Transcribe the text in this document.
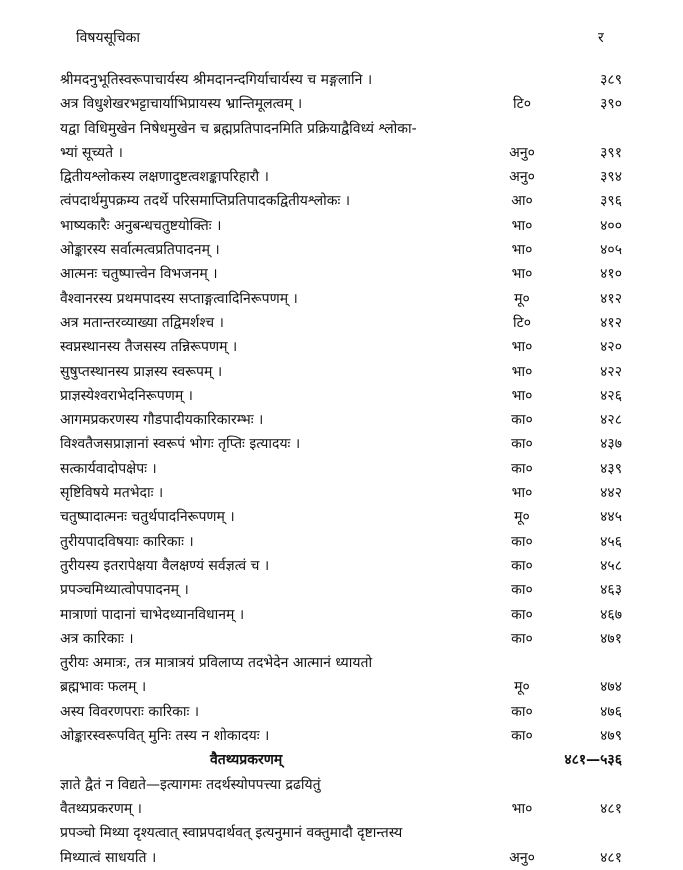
विषयसूचिका	र
श्रीमदनुभूतिस्वरूपाचार्यस्य श्रीमदानन्दगिर्याचार्यस्य च मङ्गलानि ।	३८९
अत्र विधुशेखरभट्टाचार्याभिप्रायस्य भ्रान्तिमूलत्वम् ।	टि०	३९०
यद्वा विधिमुखेन निषेधमुखेन च ब्रह्मप्रतिपादनमिति प्रक्रियाद्वैविध्यं श्लोका-
भ्यां सूच्यते ।	अनु०	३९१
द्वितीयश्लोकस्य लक्षणादुष्टत्वशङ्कापरिहारौ ।	अनु०	३९४
त्वंपदार्थमुपक्रम्य तदर्थे परिसमाप्तिप्रतिपादकद्वितीयश्लोकः ।	आ०	३९६
भाष्यकारैः अनुबन्धचतुष्टयोक्तिः ।	भा०	४००
ओङ्कारस्य सर्वात्मत्वप्रतिपादनम् ।	भा०	४०५
आत्मनः चतुष्पात्त्वेन विभजनम् ।	भा०	४१०
वैश्वानरस्य प्रथमपादस्य सप्ताङ्गत्वादिनिरूपणम् ।	मू०	४१२
अत्र मतान्तरव्याख्या तद्विमर्शश्च ।	टि०	४१२
स्वप्नस्थानस्य तैजसस्य तन्निरूपणम् ।	भा०	४२०
सुषुप्तस्थानस्य प्राज्ञस्य स्वरूपम् ।	भा०	४२२
प्राज्ञस्येश्वराभेदनिरूपणम् ।	भा०	४२६
आगमप्रकरणस्य गौडपादीयकारिकारम्भः ।	का०	४२८
विश्वतैजसप्राज्ञानां स्वरूपं भोगः तृप्तिः इत्यादयः ।	का०	४३७
सत्कार्यवादोपक्षेपः ।	का०	४३९
सृष्टिविषये मतभेदाः ।	भा०	४४२
चतुष्पादात्मनः चतुर्थपादनिरूपणम् ।	मू०	४४५
तुरीयपादविषयाः कारिकाः ।	का०	४५६
तुरीयस्य इतरापेक्षया वैलक्षण्यं सर्वज्ञत्वं च ।	का०	४५८
प्रपञ्चमिथ्यात्वोपपादनम् ।	का०	४६३
मात्राणां पादानां चाभेदध्यानविधानम् ।	का०	४६७
अत्र कारिकाः ।	का०	४७१
तुरीयः अमात्रः, तत्र मात्रात्रयं प्रविलाप्य तदभेदेन आत्मानं ध्यायतो
ब्रह्मभावः फलम् ।	मू०	४७४
अस्य विवरणपराः कारिकाः ।	का०	४७६
ओङ्कारस्वरूपवित् मुनिः तस्य न शोकादयः ।	का०	४७९
वैतथ्यप्रकरणम्	४८१—५३६
ज्ञाते द्वैतं न विद्यते—इत्यागमः तदर्थस्योपपत्त्या द्रढयितुं
वैतथ्यप्रकरणम् ।	भा०	४८१
प्रपञ्चो मिथ्या दृश्यत्वात् स्वाप्नपदार्थवत् इत्यनुमानं वक्तुमादौ दृष्टान्तस्य
मिथ्यात्वं साधयति ।	अनु०	४८१
